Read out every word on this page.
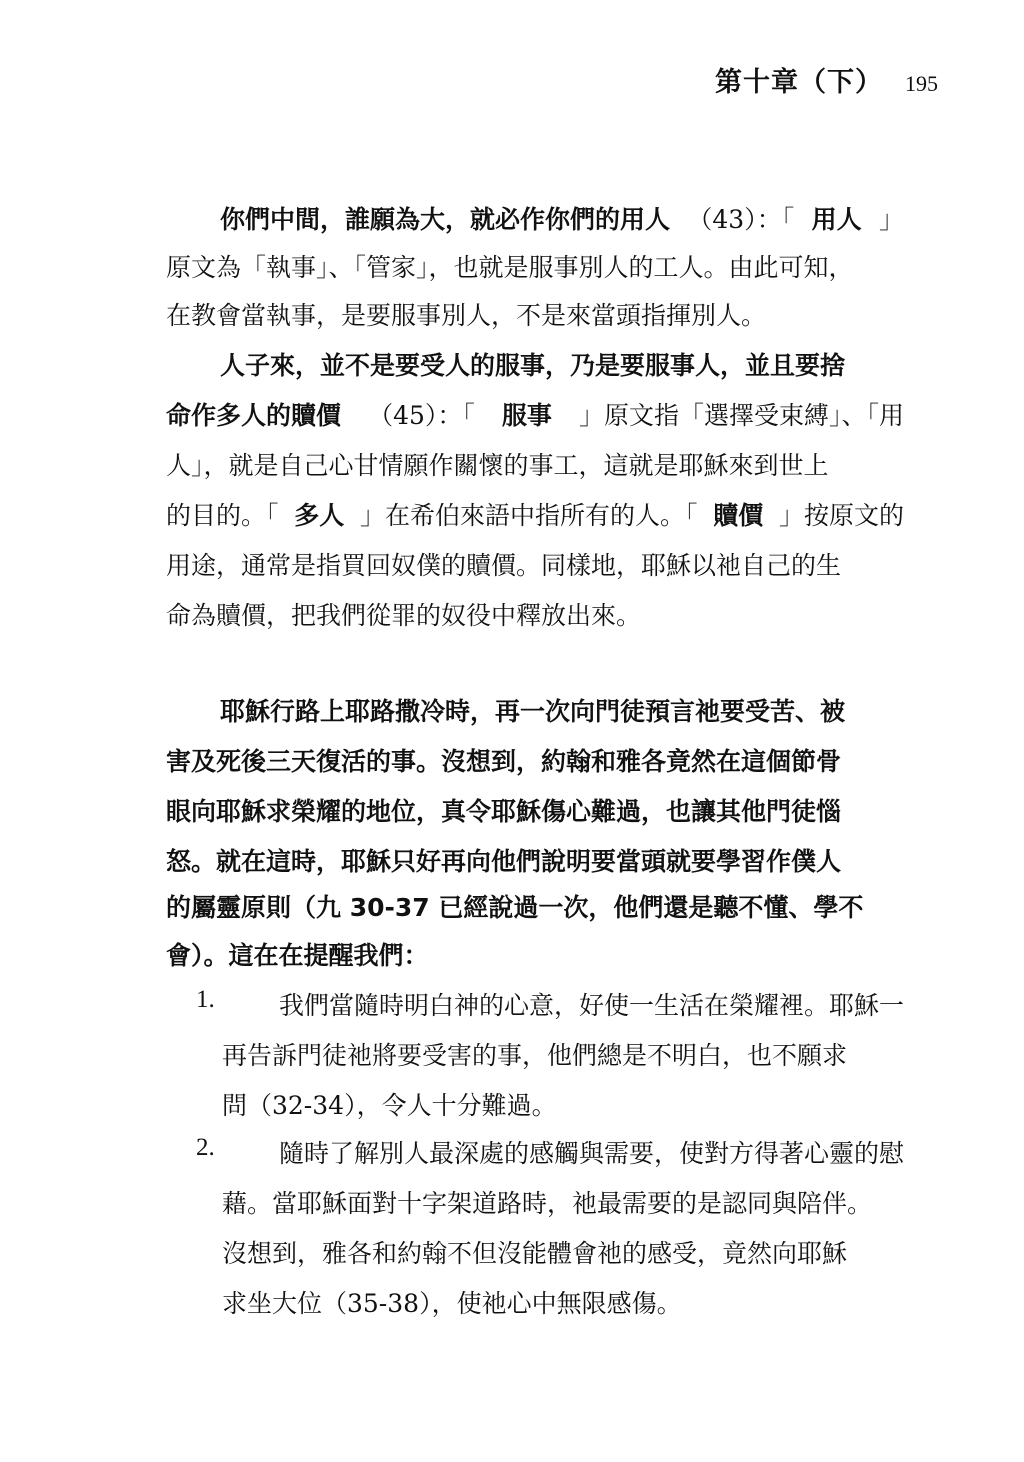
第十章（下） 195
你們中間，誰願為大，就必作你們的用人 （43）：「 用人 」
原文為「執事」、「管家」，也就是服事別人的工人。由此可知，
在教會當執事，是要服事別人，不是來當頭指揮別人。
人子來，並不是要受人的服事，乃是要服事人，並且要捨
命作多人的贖價 （45）：「 服事 」原文指「選擇受束縛」、「用
人」，就是自己心甘情願作關懷的事工，這就是耶穌來到世上
的目的。「 多人 」在希伯來語中指所有的人。「 贖價 」按原文的
用途，通常是指買回奴僕的贖價。同樣地，耶穌以祂自己的生
命為贖價，把我們從罪的奴役中釋放出來。
耶穌行路上耶路撒冷時，再一次向門徒預言祂要受苦、被
害及死後三天復活的事。沒想到，約翰和雅各竟然在這個節骨
眼向耶穌求榮耀的地位，真令耶穌傷心難過，也讓其他門徒惱
怒。就在這時，耶穌只好再向他們說明要當頭就要學習作僕人
的屬靈原則（九 30-37 已經說過一次，他們還是聽不懂、學不
會）。這在在提醒我們：
1. 我們當隨時明白神的心意，好使一生活在榮耀裡。耶穌一
再告訴門徒祂將要受害的事，他們總是不明白，也不願求
問（32-34），令人十分難過。
2. 隨時了解別人最深處的感觸與需要，使對方得著心靈的慰
藉。當耶穌面對十字架道路時，祂最需要的是認同與陪伴。
沒想到，雅各和約翰不但沒能體會祂的感受，竟然向耶穌
求坐大位（35-38），使祂心中無限感傷。
